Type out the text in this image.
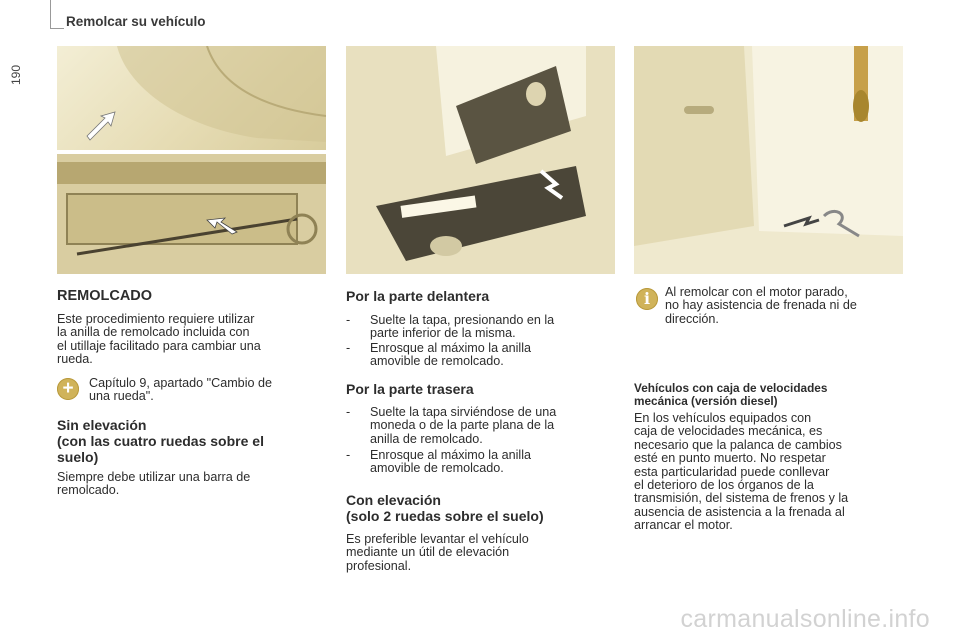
190
Remolcar su vehículo
REMOLCADO

Este procedimiento requiere utilizar

la anilla de remolcado incluida con

el utillaje facilitado para cambiar una

rueda.

+	Capítulo 9, apartado "Cambio de

una rueda".

Sin elevación
(con las cuatro ruedas sobre el
suelo)

Siempre debe utilizar una barra de

remolcado.

Por la parte delantera
- Suelte la tapa, presionando en la
parte inferior de la misma.
- Enrosque al máximo la anilla
amovible de remolcado.
Por la parte trasera
- Suelte la tapa sirviéndose de una
moneda o de la parte plana de la
anilla de remolcado.
- Enrosque al máximo la anilla
amovible de remolcado.
Con elevación
(solo 2 ruedas sobre el suelo)

Es preferible levantar el vehículo

mediante un útil de elevación

profesional.

i	Al remolcar con el motor parado,

no hay asistencia de frenada ni de

dirección.

Vehículos con caja de velocidades
mecánica (versión diesel)

En los vehículos equipados con

caja de velocidades mecánica, es

necesario que la palanca de cambios

esté en punto muerto. No respetar

esta particularidad puede conllevar

el deterioro de los órganos de la

transmisión, del sistema de frenos y la

ausencia de asistencia a la frenada al

arrancar el motor.

carmanualsonline.info
